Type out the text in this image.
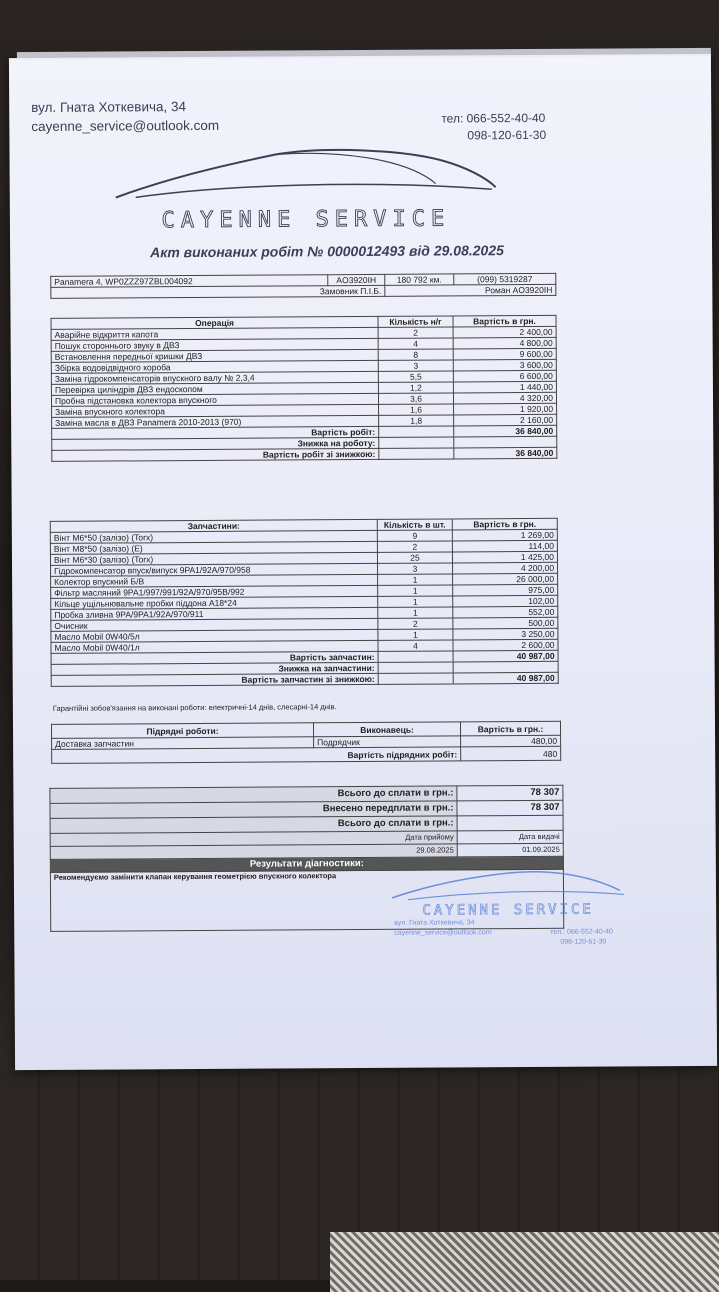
вул. Гната Хоткевича, 34
cayenne_service@outlook.com	тел: 066-552-40-40
098-120-61-30
CAYENNE SERVICE
Акт виконаних робіт № 0000012493 від 29.08.2025
Panamera 4, WP0ZZZ97ZBL004092	AO3920IH	180 792 км.	(099) 5319287
Замовник П.І.Б.		Роман AO3920IH	
Операція	Кількість н/г	Вартість в грн.
Аварійне відкриття капота	2	2 400,00
Пошук стороннього звуку в ДВЗ	4	4 800,00
Встановлення передньої кришки ДВЗ	8	9 600,00
Збірка водовідвідного короба	3	3 600,00
Заміна гідрокомпенсаторів впускного валу № 2,3,4	5,5	6 600,00
Перевірка циліндрів ДВЗ ендоскопом	1,2	1 440,00
Пробна підстановка колектора впускного	3,6	4 320,00
Заміна впускного колектора	1,6	1 920,00
Заміна масла в ДВЗ Panamera 2010-2013 (970)	1,8	2 160,00
Вартість робіт:		36 840,00
Знижка на роботу:		
Вартість робіт зі знижкою:		36 840,00
Запчастини:	Кількість в шт.	Вартість в грн.
Вінт М6*50 (залізо) (Torx)	9	1 269,00
Вінт М8*50 (залізо) (E)	2	114,00
Вінт М6*30 (залізо) (Torx)	25	1 425,00
Гідрокомпенсатор впуск/випуск 9PA1/92A/970/958	3	4 200,00
Колектор впускний Б/В	1	26 000,00
Фільтр масляний 9PA1/997/991/92A/970/95B/992	1	975,00
Кільце ущільнювальне пробки піддона A18*24	1	102,00
Пробка зливна 9PA/9PA1/92A/970/911	1	552,00
Очисник	2	500,00
Масло Mobil 0W40/5л	1	3 250,00
Масло Mobil 0W40/1л	4	2 600,00
Вартість запчастин:		40 987,00
Знижка на запчастини:		
Вартість запчастин зі знижкою:		40 987,00
Гарантійні зобов'язання на виконані роботи: електричні-14 днів, слесарні-14 днів.
Підрядні роботи:	Виконавець:	Вартість в грн.:
Доставка запчастин	Подрядчик	480,00
Вартість підрядних робіт:		480
Всього до сплати в грн.:	78 307
Внесено передплати в грн.:	78 307
Всього до сплати в грн.:	
Дата прийому	Дата видачі
29.08.2025	01.09.2025
Результати діагностики:	
Рекомендуємо замінити клапан керування геометрією впускного колектора	
CAYENNE SERVICE
вул. Гната Хоткевича, 34
cayenne_service@outlook.com	тел.: 066-552-40-40
098-120-61-30
